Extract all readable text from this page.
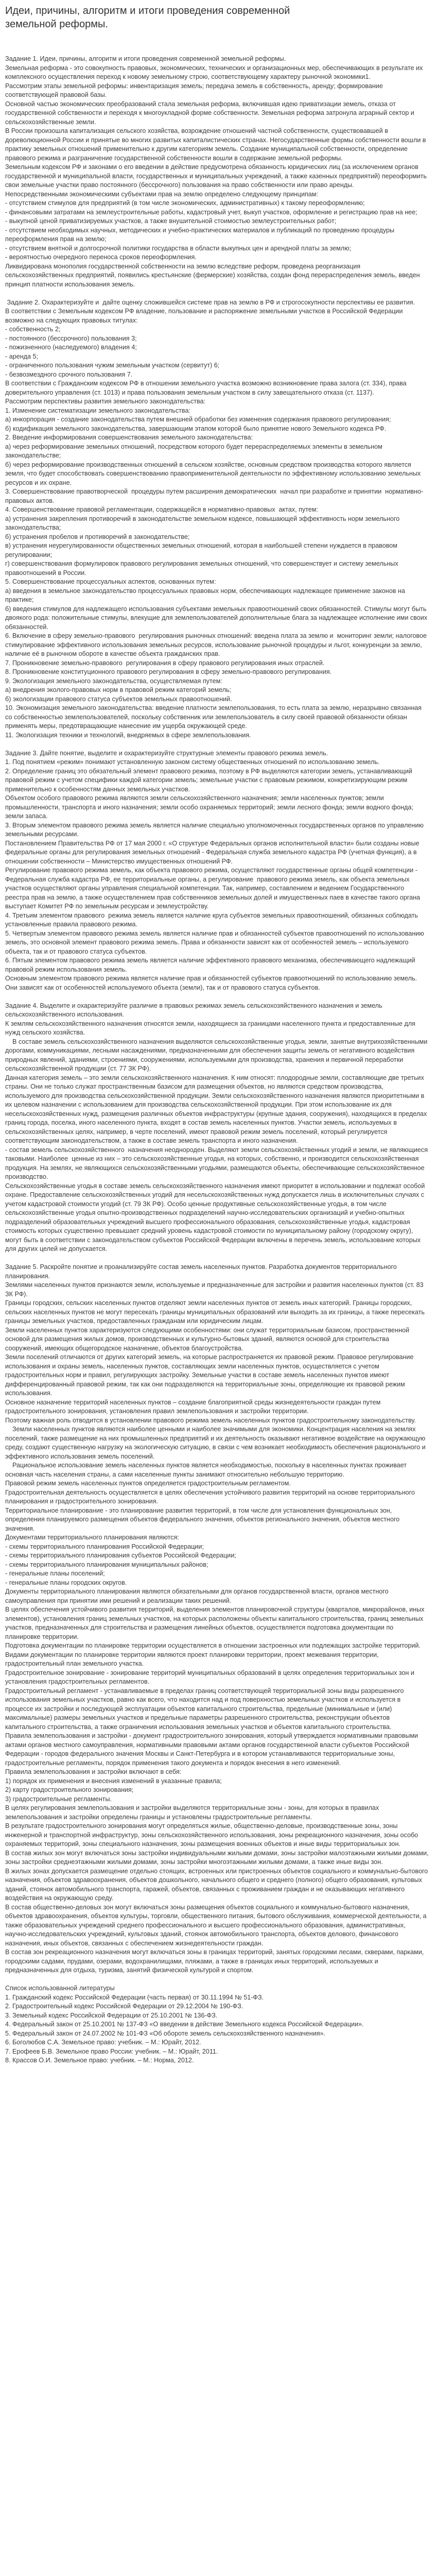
Идеи, причины, алгоритм и итоги проведения современной земельной реформы.

Задание 1. Идеи, причины, алгоритм и итоги проведения современной земельной реформы.

Земельная реформа - это совокупность правовых, экономических, технических и организационных мер, обеспечивающих в результате их комплексного осуществления переход к новому земельному строю, соответствующему характеру рыночной экономики1.

Рассмотрим этапы земельной реформы: инвентаризация земель; передача земель в собственность, аренду; формирование соответствующей правовой базы.

Основной частью экономических преобразований стала земельная реформа, включившая идею приватизации земель, отказа от государственной собственности и переходя к многоукладной форме собственности. Земельная реформа затронула аграрный сектор и сельскохозяйственные земли.

В России произошла капитализация сельского хозяйства, возрождение отношений частной собственности, существовавшей в дореволюционной России и принятые во многих развитых капиталистических странах. Негосударственные формы собственности вошли в практику земельных отношений применительно к другим категориям земель. Создание муниципальной собственности, определение правового режима и разграничение государственной собственности вошли в содержание земельной реформы.

Земельным кодексом РФ и законами о его введении в действие предусмотрена обязанность юридических лиц (за исключением органов государственной и муниципальной власти, государственных и муниципальных учреждений, а также казенных предприятий) переоформить свои земельные участки право постоянного (бессрочного) пользования на право собственности или право аренды.

Непосредственными экономическими субъектами прав на землю определено следующему принципам:

- отсутствием стимулов для предприятий (в том числе экономических, административных) к такому переоформлению;

- финансовыми затратами на землеустроительные работы, кадастровый учет, выкуп участков, оформление и регистрацию прав на нее;

- выкупной ценой приватизируемых участков, а также внушительной стоимостью землеустроительных работ;

- отсутствием необходимых научных, методических и учебно-практических материалов и публикаций по проведению процедуры переоформления прав на землю;

- отсутствием внятной и долгосрочной политики государства в области выкупных цен и арендной платы за землю;

- вероятностью очередного переноса сроков переоформления.

Ликвидирована монополия государственной собственности на землю вследствие реформ, проведена реорганизация сельскохозяйственных предприятий, появились крестьянские (фермерские) хозяйства, создан фонд перераспределения земель, введен принцип платности использования земель.

Задание 2. Охарактеризуйте и  дайте оценку сложившейся системе прав на землю в РФ и строгосокупности перспективы ее развития.

В соответствии с Земельным кодексом РФ владение, пользование и распоряжение земельными участков в Российской Федерации возможно на следующих правовых титулах:

- собственность 2;

- постоянного (бессрочного) пользования 3;

- пожизненного (наследуемого) владения 4;

- аренда 5;

- ограниченного пользования чужим земельным участком (сервитут) 6;

- безвозмездного срочного пользования 7.

В соответствии с Гражданским кодексом РФ в отношении земельного участка возможно возникновение права залога (ст. 334), права доверительного управления (ст. 1013) и права пользования земельным участком в силу завещательного отказа (ст. 1137).

Рассмотрим перспективы развития земельного законодательства:

1. Изменение систематизации земельного законодательства:

а) инкорпорация - создание законодательства путем внешней обработки без изменения содержания правового регулирования;

б) кодификация земельного законодательства, завершающим этапом которой было принятие нового Земельного кодекса РФ.

2. Введение информирования совершенствования земельного законодательства:

а) через реформирование земельных отношений, посредством которого будет перераспределяемых элементы в земельном законодательстве;

б) через реформирование производственных отношений в сельском хозяйстве, основным средством производства которого является земля, что будет способствовать совершенствованию правоприменительной деятельности по эффективному использованию земельных ресурсов и их охране.

3. Совершенствование правотворческой  процедуры путем расширения демократических  начал при разработке и принятии  нормативно-правовых актов.

4. Совершенствование правовой регламентации, содержащейся в нормативно-правовых  актах, путем:

а) устранения закрепления противоречий в законодательстве земельном кодексе, повышающей эффективность норм земельного законодательства;

б) устранения пробелов и противоречий в законодательстве;

в) устранения неурегулированности общественных земельных отношений, которая в наибольшей степени нуждается в правовом регулировании;

г) совершенствования формулировок правового регулирования земельных отношений, что совершенствует и систему земельных правоотношений в России.

5. Совершенствование процессуальных аспектов, основанных путем:

а) введения в земельное законодательство процессуальных правовых норм, обеспечивающих надлежащее применение законов на практике;

б) введения стимулов для надлежащего использования субъектами земельных правоотношений своих обязанностей. Стимулы могут быть двоякого рода: положительные стимулы, влекущие для землепользователей дополнительные блага за надлежащее исполнение ими своих обязанностей.

6. Включение в сферу земельно-правового  регулирования рыночных отношений: введена плата за землю и  мониторинг земли; налоговое стимулирование эффективного использования земельных ресурсов, использование рыночной процедуры и льгот, конкуренции за землю, наличие её в рыночном обороте в качестве объекта гражданских прав.

7. Проникновение земельно-правового  регулирования в сферу правового регулирования иных отраслей.

8. Проникновение конституционного правового регулирования в сферу земельно-правового регулирования.

9. Экологизация земельного законодательства, осуществляемая путем:

а) внедрения эколого-правовых норм в правовой режим категорий земель;

б) экологизации правового статуса субъектов земельных правоотношений.

10. Экономизация земельного законодательства: введение платности землепользования, то есть плата за землю, неразрывно связанная со собственностью землепользователей, поскольку собственник или землепользователь в силу своей правовой обязанности обязан применять меры, предотвращающие нанесение им ущерба окружающей среде.

11. Экологизация техники и технологий, внедряемых в сфере землепользования.

Задание 3. Дайте понятие, выделите и охарактеризуйте структурные элементы правового режима земель.

1. Под понятием «режим» понимают установленную законом систему общественных отношений по использованию земель.

2. Определение границ это обязательный элемент правового режима, поэтому в РФ выделяются категории земель, устанавливающий правовой режим с учетом специфики каждой категории земель; земельные участки с правовым режимом, конкретизирующим режим применительно к особенностям данных земельных участков.

Объектом особого правового режима являются земли сельскохозяйственного назначения; земли населенных пунктов; земли промышленности, транспорта и иного назначения; земли особо охраняемых территорий; земли лесного фонда; земли водного фонда; земли запаса.

3. Вторым элементом правового режима земель является наличие специально уполномоченных государственных органов по управлению земельными ресурсами.

Постановлением Правительства РФ от 17 мая 2000 г. «О структуре Федеральных органов исполнительной власти» были созданы новые федеральные органы для регулирования земельных отношений - Федеральная служба земельного кадастра РФ (учетная функция), а в отношении собственности – Министерство имущественных отношений РФ.

Регулирование правового режима земель, как объекта правового режима, осуществляют государственные органы общей компетенции - Федеральная служба кадастра РФ, ее территориальные органы, а регулирование  правового режима земель, как объекта земельных участков осуществляют органы управления специальной компетенции. Так, например, составлением и ведением Государственного реестра прав на землю, а также осуществлением прав собственников земельных долей и имущественных паев в качестве такого органа выступает Комитет РФ по земельным ресурсам и землеустройству.

4. Третьим элементом правового  режима земель является наличие круга субъектов земельных правоотношений, обязанных соблюдать установленные правила правового режима.

5. Четвертым элементом правового режима земель является наличие прав и обязанностей субъектов правоотношений по использованию земель, это основной элемент правового режима земель. Права и обязанности зависят как от особенностей земель – используемого объекта, так и от правового статуса субъектов.

6. Пятым элементом правового режима земель является наличие эффективного правового механизма, обеспечивающего надлежащий правовой режим использования земель.

Основным элементом правового режима является наличие прав и обязанностей субъектов правоотношений по использованию земель. Они зависят как от особенностей используемого объекта (земли), так и от правового статуса субъектов.

Задание 4. Выделите и охарактеризуйте различие в правовых режимах земель сельскохозяйственного назначения и земель сельскохозяйственного использования.

К землям сельскохозяйственного назначения относятся земли, находящиеся за границами населенного пункта и предоставленные для нужд сельского хозяйства.

В составе земель сельскохозяйственного назначения выделяются сельскохозяйственные угодья, земли, занятые внутрихозяйственными дорогами, коммуникациями, лесными насаждениями, предназначенными для обеспечения защиты земель от негативного воздействия природных явлений, зданиями, строениями, сооружениями, используемыми для производства, хранения и первичной переработки сельскохозяйственной продукции (ст. 77 ЗК РФ).

Данная категория земель – это земли сельскохозяйственного назначения. К ним относят: плодородные земли, составляющие две третьих страны. Они не только служат пространственным базисом для размещения объектов, но являются средством производства, используемого для производства сельскохозяйственной продукции. Земли сельскохозяйственного назначения являются приоритетными в их целевом назначении с использованием для производства сельскохозяйственной продукции. При этом использование их для несельскохозяйственных нужд, размещения различных объектов инфраструктуры (крупные здания, сооружения), находящихся в пределах границ города, поселка, иного населенного пункта, входят в состав земель населенных пунктов. Участки земель, используемых в сельскохозяйственных целях, например, в черте поселений, имеют правовой режим земель поселений, который регулируется соответствующим законодательством, а также в составе земель транспорта и иного назначения.

- состав земель сельскохозяйственного  назначения неоднороден. Выделяют земли сельскохозяйственных угодий и земли, не являющиеся таковыми. Наиболее  ценные из них – это сельскохозяйственные угодья, на которых, собственно, и производится сельскохозяйственная продукция. На землях, не являющихся сельскохозяйственными угодьями, размещаются объекты, обеспечивающие сельскохозяйственное производство.

Сельскохозяйственные угодья в составе земель сельскохозяйственного назначения имеют приоритет в использовании и подлежат особой охране. Предоставление сельскохозяйственных угодий для несельскохозяйственных нужд допускается лишь в исключительных случаях с учетом кадастровой стоимости угодий (ст. 79 ЗК РФ). Особо ценные продуктивные сельскохозяйственные угодья, в том числе сельскохозяйственные угодья опытно-производственных подразделений научно-исследовательских организаций и учебно-опытных подразделений образовательных учреждений высшего профессионального образования, сельскохозяйственные угодья, кадастровая стоимость которых существенно превышает средний уровень кадастровой стоимости по муниципальному району (городскому округу), могут быть в соответствии с законодательством субъектов Российской Федерации включены в перечень земель, использование которых для других целей не допускается.

Задание 5. Раскройте понятие и проанализируйте состав земель населенных пунктов. Разработка документов территориального планирования.

Землями населенных пунктов признаются земли, используемые и предназначенные для застройки и развития населенных пунктов (ст. 83 ЗК РФ).

Границы городских, сельских населенных пунктов отделяют земли населенных пунктов от земель иных категорий. Границы городских, сельских населенных пунктов не могут пересекать границы муниципальных образований или выходить за их границы, а также пересекать границы земельных участков, предоставленных гражданам или юридическим лицам.

Земли населенных пунктов характеризуются следующими особенностями: они служат территориальным базисом, пространственной основой для размещения жилых домов, производственных и культурно-бытовых зданий, являются основой для строительства сооружений, имеющих общегородское назначение, объектов благоустройства.

Земли поселений отличаются от других категорий земель, на которые распространяется их правовой режим. Правовое регулирование использования и охраны земель, населенных пунктов, составляющих земли населенных пунктов, осуществляется с учетом градостроительных норм и правил, регулирующих застройку. Земельные участки в составе земель населенных пунктов имеют дифференцированный правовой режим, так как они подразделяются на территориальные зоны, определяющие их правовой режим использования.

Основное назначение территорий населенных пунктов – создание благоприятной среды жизнедеятельности граждан путем градостроительного зонирования, установления правил землепользования и застройки территории.

Поэтому важная роль отводится в установлении правового режима земель населенных пунктов градостроительному законодательству.

Земли населенных пунктов являются наиболее ценными и наиболее значимыми для экономики. Концентрация населения на землях поселений, также размещение на них промышленных предприятий и их деятельность оказывают негативное воздействие на окружающую среду, создают существенную нагрузку на экологическую ситуацию, в связи с чем возникает необходимость обеспечения рационального и эффективного использования земель поселений.

Рациональное использование земель населенных пунктов является необходимостью, поскольку в населенных пунктах проживает основная часть населения страны, а сами населенные пункты занимают относительно небольшую территорию.

Правовой режим земель населенных пунктов определяется градостроительным регламентом.

Градостроительная деятельность осуществляется в целях обеспечения устойчивого развития территорий на основе территориального планирования и градостроительного зонирования.

Территориальное планирование - это планирование развития территорий, в том числе для установления функциональных зон, определения планируемого размещения объектов федерального значения, объектов регионального значения, объектов местного значения.

Документами территориального планирования являются:

- схемы территориального планирования Российской Федерации;

- схемы территориального планирования субъектов Российской Федерации;

- схемы территориального планирования муниципальных районов;

- генеральные планы поселений;

- генеральные планы городских округов.

Документы территориального планирования являются обязательными для органов государственной власти, органов местного самоуправления при принятии ими решений и реализации таких решений.

В целях обеспечения устойчивого развития территорий, выделения элементов планировочной структуры (кварталов, микрорайонов, иных элементов), установления границ земельных участков, на которых расположены объекты капитального строительства, границ земельных участков, предназначенных для строительства и размещения линейных объектов, осуществляется подготовка документации по планировке территории.

Подготовка документации по планировке территории осуществляется в отношении застроенных или подлежащих застройке территорий.

Видами документации по планировке территории являются проект планировки территории, проект межевания территории, градостроительный план земельного участка.

Градостроительное зонирование - зонирование территорий муниципальных образований в целях определения территориальных зон и установления градостроительных регламентов.

Градостроительный регламент - устанавливаемые в пределах границ соответствующей территориальной зоны виды разрешенного использования земельных участков, равно как всего, что находится над и под поверхностью земельных участков и используется в процессе их застройки и последующей эксплуатации объектов капитального строительства, предельные (минимальные и (или) максимальные) размеры земельных участков и предельные параметры разрешенного строительства, реконструкции объектов капитального строительства, а также ограничения использования земельных участков и объектов капитального строительства.

Правила землепользования и застройки - документ градостроительного зонирования, который утверждается нормативными правовыми актами органов местного самоуправления, нормативными правовыми актами органов государственной власти субъектов Российской Федерации - городов федерального значения Москвы и Санкт-Петербурга и в котором устанавливаются территориальные зоны, градостроительные регламенты, порядок применения такого документа и порядок внесения в него изменений.

Правила землепользования и застройки включают в себя:

1) порядок их применения и внесения изменений в указанные правила;

2) карту градостроительного зонирования;

3) градостроительные регламенты.

В целях регулирования землепользования и застройки выделяются территориальные зоны - зоны, для которых в правилах землепользования и застройки определены границы и установлены градостроительные регламенты.

В результате градостроительного зонирования могут определяться жилые, общественно-деловые, производственные зоны, зоны инженерной и транспортной инфраструктур, зоны сельскохозяйственного использования, зоны рекреационного назначения, зоны особо охраняемых территорий, зоны специального назначения, зоны размещения военных объектов и иные виды территориальных зон.

В состав жилых зон могут включаться зоны застройки индивидуальными жилыми домами, зоны застройки малоэтажными жилыми домами, зоны застройки среднеэтажными жилыми домами, зоны застройки многоэтажными жилыми домами, а также иные виды зон.

В жилых зонах допускается размещение отдельно стоящих, встроенных или пристроенных объектов социального и коммунально-бытового назначения, объектов здравоохранения, объектов дошкольного, начального общего и среднего (полного) общего образования, культовых зданий, стоянок автомобильного транспорта, гаражей, объектов, связанных с проживанием граждан и не оказывающих негативного воздействия на окружающую среду.

В состав общественно-деловых зон могут включаться зоны размещения объектов социального и коммунально-бытового назначения, объектов здравоохранения, объектов культуры, торговли, общественного питания, бытового обслуживания, коммерческой деятельности, а также образовательных учреждений среднего профессионального и высшего профессионального образования, административных, научно-исследовательских учреждений, культовых зданий, стоянок автомобильного транспорта, объектов делового, финансового назначения, иных объектов, связанных с обеспечением жизнедеятельности граждан.

В состав зон рекреационного назначения могут включаться зоны в границах территорий, занятых городскими лесами, скверами, парками, городскими садами, прудами, озерами, водохранилищами, пляжами, а также в границах иных территорий, используемых и предназначенных для отдыха, туризма, занятий физической культурой и спортом.

Список использованной литературы

1. Гражданский кодекс Российской Федерации (часть первая) от 30.11.1994 № 51-ФЗ.

2. Градостроительный кодекс Российской Федерации от 29.12.2004 № 190-ФЗ.

3. Земельный кодекс Российской Федерации от 25.10.2001 № 136-ФЗ.

4. Федеральный закон от 25.10.2001 № 137-ФЗ «О введении в действие Земельного кодекса Российской Федерации».

5. Федеральный закон от 24.07.2002 № 101-ФЗ «Об обороте земель сельскохозяйственного назначения».

6. Боголюбов С.А. Земельное право: учебник. – М.: Юрайт, 2012.

7. Ерофеев Б.В. Земельное право России: учебник. – М.: Юрайт, 2011.

8. Крассов О.И. Земельное право: учебник. – М.: Норма, 2012.
